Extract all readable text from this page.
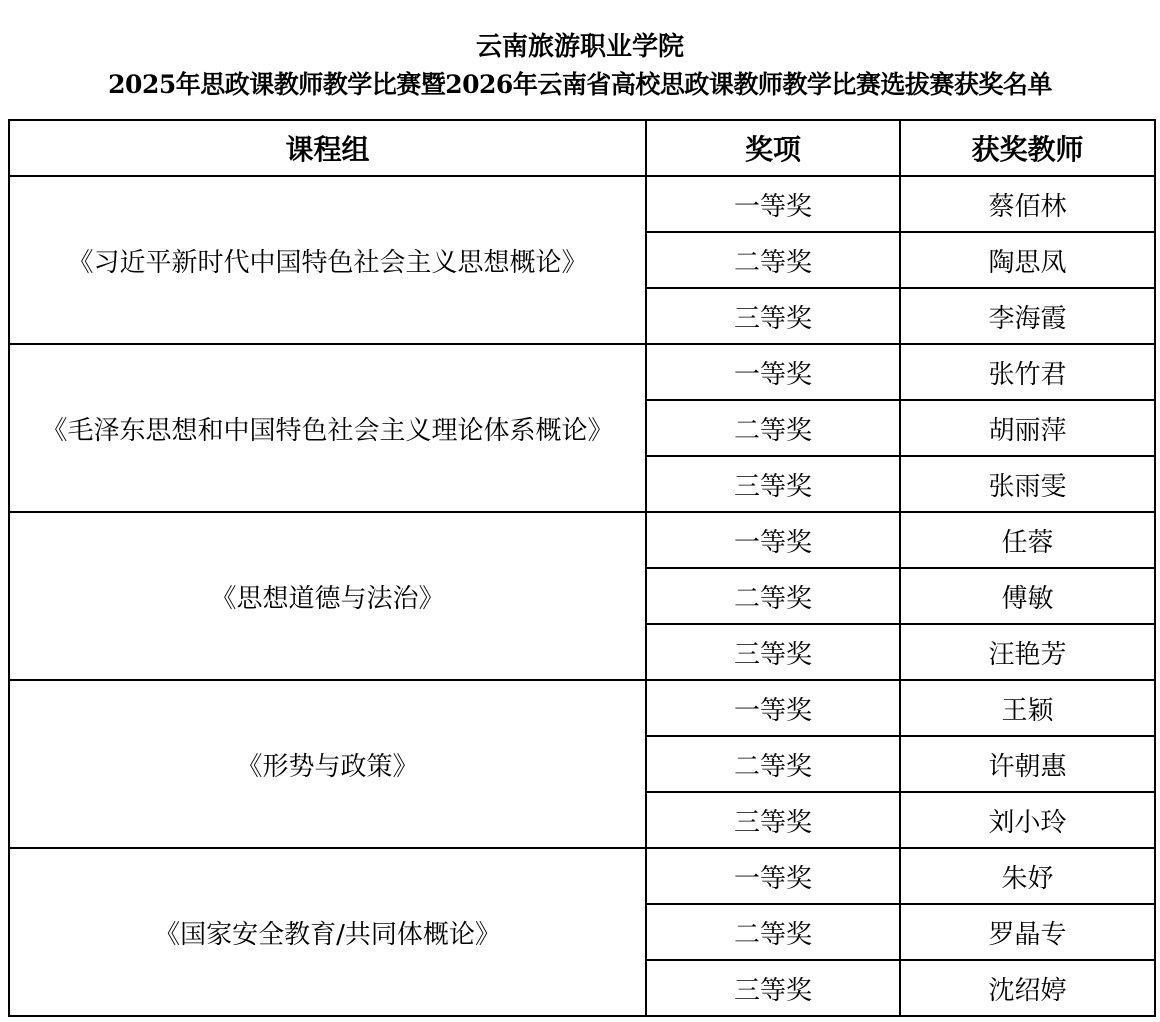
云南旅游职业学院
2025年思政课教师教学比赛暨2026年云南省高校思政课教师教学比赛选拔赛获奖名单
课程组	奖项	获奖教师
《习近平新时代中国特色社会主义思想概论》	一等奖	蔡佰林
	二等奖	陶思凤
	三等奖	李海霞
《毛泽东思想和中国特色社会主义理论体系概论》	一等奖	张竹君
	二等奖	胡丽萍
	三等奖	张雨雯
《思想道德与法治》	一等奖	任蓉
	二等奖	傅敏
	三等奖	汪艳芳
《形势与政策》	一等奖	王颖
	二等奖	许朝惠
	三等奖	刘小玲
《国家安全教育/共同体概论》	一等奖	朱妤
	二等奖	罗晶专
	三等奖	沈绍婷
